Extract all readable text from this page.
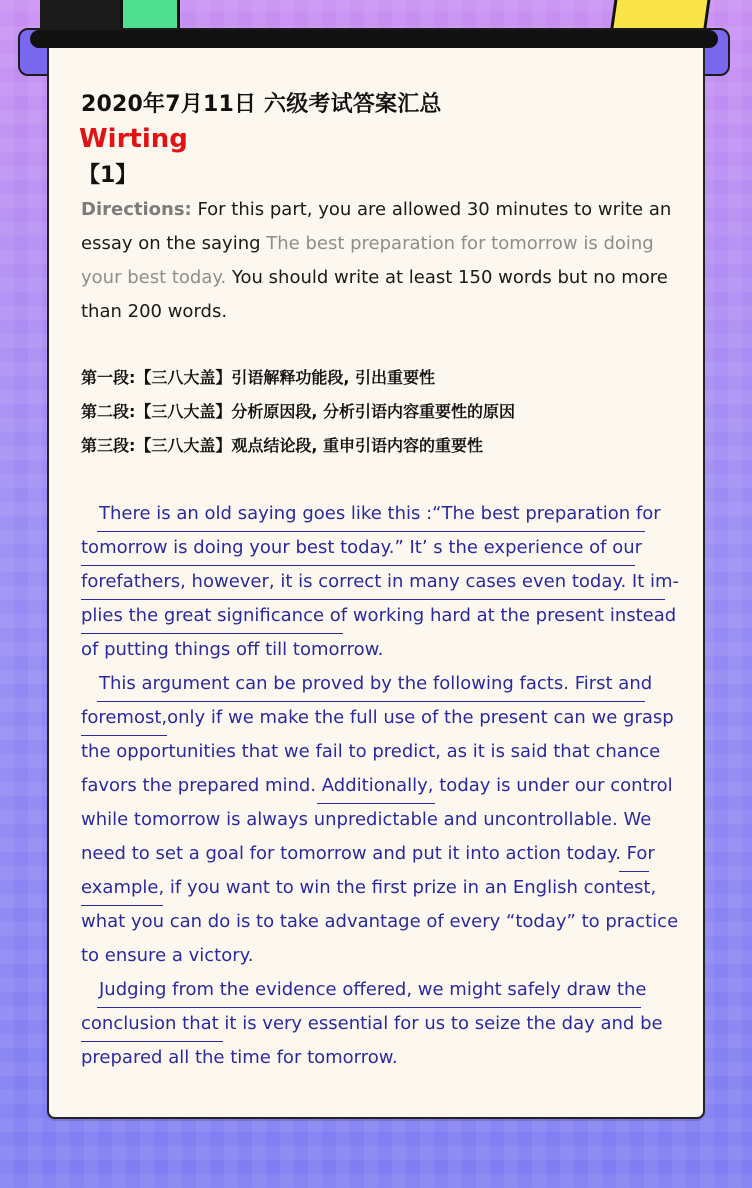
2020年7月11日 六级考试答案汇总
Wirting
【1】
Directions: For this part, you are allowed 30 minutes to write an essay on the saying The best preparation for tomorrow is doing your best today. You should write at least 150 words but no more than 200 words.
第一段:【三八大盖】引语解释功能段, 引出重要性
第二段:【三八大盖】分析原因段, 分析引语内容重要性的原因
第三段:【三八大盖】观点结论段, 重申引语内容的重要性

There is an old saying goes like this :“The best preparation for tomorrow is doing your best today.” It’ s the experience of our forefathers, however, it is correct in many cases even today. It im-plies the great significance of working hard at the present instead of putting things off till tomorrow.

This argument can be proved by the following facts. First and foremost,only if we make the full use of the present can we grasp the opportunities that we fail to predict, as it is said that chance favors the prepared mind. Additionally, today is under our control while tomorrow is always unpredictable and uncontrollable. We need to set a goal for tomorrow and put it into action today. For example, if you want to win the first prize in an English contest, what you can do is to take advantage of every “today” to practice to ensure a victory.

Judging from the evidence offered, we might safely draw the conclusion that it is very essential for us to seize the day and be prepared all the time for tomorrow.
